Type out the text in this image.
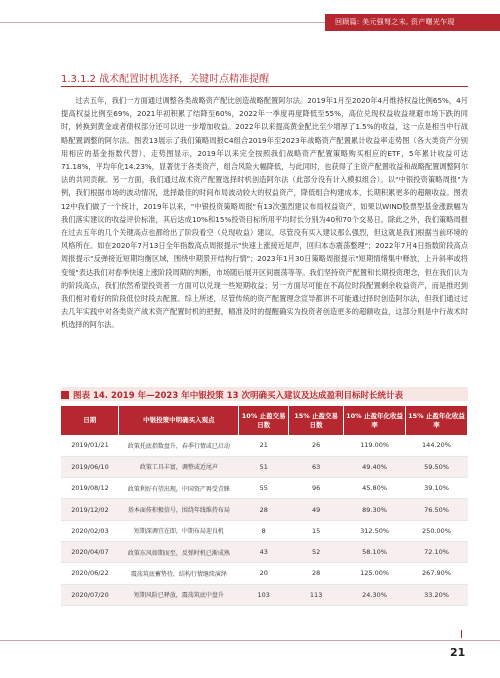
回顾篇: 美元强弩之末, 资产曙光乍现
1.3.1.2 战术配置时机选择，关键时点精准提醒

过去五年，我们一方面通过调整各类战略资产配比创造战略配置阿尔法。2019年1月至2020年4月维持权益比例65%，4月提高权益比例至69%，2021年初积累了结降至60%，2022年一季度再度降低至55%，高位兑现权益收益规避市场下跌的同时，转换到黄金或者债权部分还可以进一步增加收益。2022年以来提高黄金配比至少增厚了1.5%的收益，这一点是相当中行战略配置调整的阿尔法。图表13展示了我们策略周报C4组合2019年至2023年战略资产配置累计收益率走势图（各大类资产分别用相应的基金指数代替），走势图显示，2019年以来完全按照我们战略资产配置策略购买相应的ETF，5年累计收益可达71.18%，平均年化14.23%，显著优于各类资产，组合风险大幅降低，与此同时，也获得了主资产配置收益和战略配置调整阿尔法的共同贡献。另一方面，我们通过战术资产配置选择时机创造阿尔法（此部分没有计入模拟组合）。以"中银投资策略周报"为例，我们根据市场的波动情况，选择最佳的时间布局波动较大的权益资产，降低组合构建成本，长期积累更多的超额收益。图表12中我们做了一个统计，2019年以来，"中银投资策略周报"有13次强烈建议布局权益资产，如果以WIND股票型基金涨跌幅为我们落实建议的收益评价标准，其后达成10%和15%投资目标所用平均时长分别为40和70个交易日。除此之外，我们策略周报在过去五年的几个关键高点也都给出了阶段看空（兑现收益）建议，尽管没有买入建议那么强烈，但这就是我们根据当前环境的风格所在。如在2020年7月13日全年指数高点周报提示"快速上涨接近尾声，回归本态震荡整理"；2022年7月4日指数阶段高点周报提示"反弹接近短期均衡区域，围绕中期景开结构行情"；2023年1月30日策略周报提示"短期情绪集中释放，上升斜率或将变缓"表达我们对春季快速上涨阶段周期的判断，市场随后展开区间震荡等等。我们坚持资产配置和长期投资理念，但在我们认为的阶段高点，我们依然希望投资者一方面可以兑现一些短期收益；另一方面尽可能在不高位时段配置剩余收益资产，而是推迟到我们相对看好的阶段低位时段去配置。综上所述，尽管传统的资产配置理念宣导都讲不可能通过择时创造阿尔法，但我们通过过去几年实践中对各类资产战术资产配置时机的把握，精准及时的提醒确实为投资者创造更多的超额收益，这部分则是中行战术时机选择的阿尔法。

图表 14. 2019 年—2023 年中银投策 13 次明确买入建议及达成盈利目标时长统计表
日期	中银投策中明确买入观点	10% 止盈交易日数	15% 止盈交易日数	10% 止盈年化收益率	15% 止盈年化收益率
2019/01/21	政策托底指数盘升，春季行情或已启动	21	26	119.00%	144.20%
2019/06/10	政策工具丰富，调整或近尾声	51	63	49.40%	59.50%
2019/08/12	政策利好有望出现，中国资产再受青睐	55	96	45.80%	39.10%
2019/12/02	基本面传积极信号，围绕年线维持布局	28	49	89.30%	76.50%
2020/02/03	短期深调宜在即，中期布局迎良机	8	15	312.50%	250.00%
2020/04/07	政策东风如期而至，反弹时机已渐成熟	43	52	58.10%	72.10%
2020/06/22	震荡筑底蓄势待，结构行情继续演绎	20	28	125.00%	267.90%
2020/07/20	短期风险已释放，震荡筑底中盘升	103	113	24.30%	33.20%
21
